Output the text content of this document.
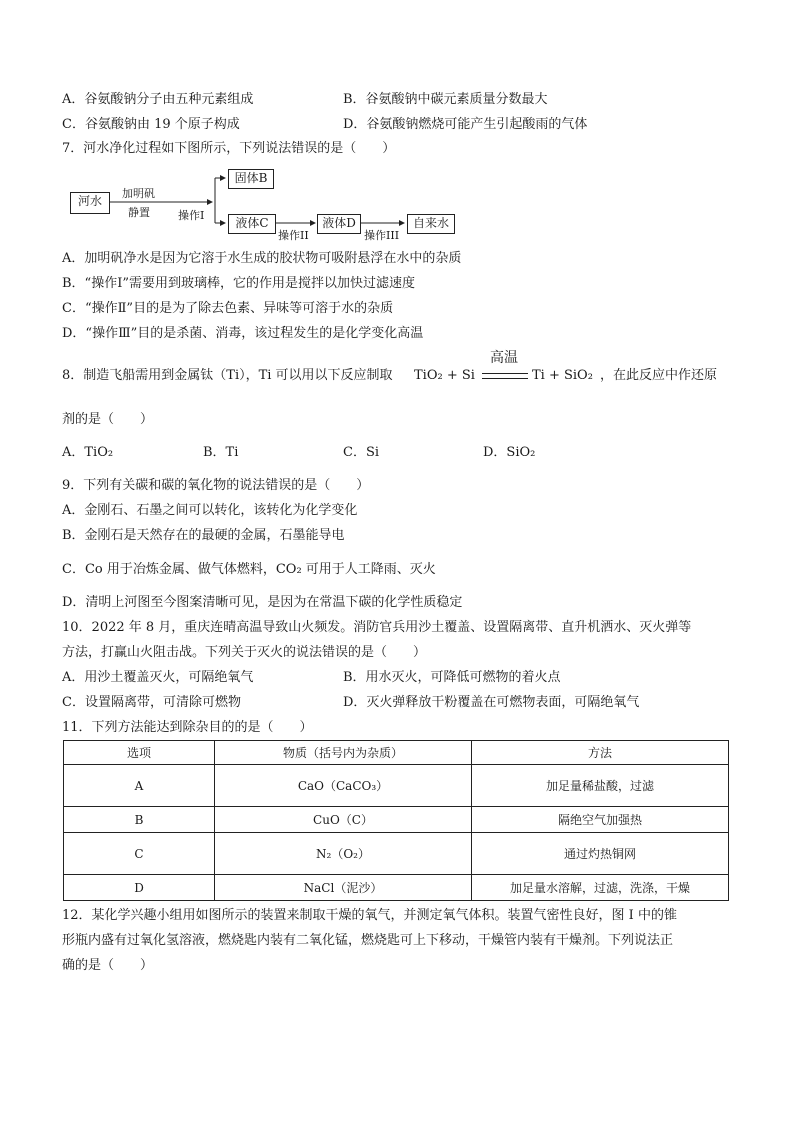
A．谷氨酸钠分子由五种元素组成	B．谷氨酸钠中碳元素质量分数最大
C．谷氨酸钠由 19 个原子构成	D．谷氨酸钠燃烧可能产生引起酸雨的气体
7．河水净化过程如下图所示，下列说法错误的是（　　）
河水
加明矾
静置	操作I
固体B
液体C
操作II
液体D
操作III
自来水
A．加明矾净水是因为它溶于水生成的胶状物可吸附悬浮在水中的杂质
B．“操作Ⅰ”需要用到玻璃棒，它的作用是搅拌以加快过滤速度
C．“操作Ⅱ”目的是为了除去色素、异味等可溶于水的杂质
D．“操作Ⅲ”目的是杀菌、消毒，该过程发生的是化学变化高温
8．制造飞船需用到金属钛（Ti），Ti 可以用以下反应制取 TiO₂ + Si
高温
Ti + SiO₂ ，在此反应中作还原
剂的是（　　）
A．TiO₂	B．Ti	C．Si	D．SiO₂
9．下列有关碳和碳的氧化物的说法错误的是（　　）
A．金刚石、石墨之间可以转化，该转化为化学变化
B．金刚石是天然存在的最硬的金属，石墨能导电
C．Co 用于冶炼金属、做气体燃料，CO₂ 可用于人工降雨、灭火
D．清明上河图至今图案清晰可见，是因为在常温下碳的化学性质稳定
10．2022 年 8 月，重庆连晴高温导致山火频发。消防官兵用沙土覆盖、设置隔离带、直升机洒水、灭火弹等
方法，打赢山火阻击战。下列关于灭火的说法错误的是（　　）
A．用沙土覆盖灭火，可隔绝氧气	B．用水灭火，可降低可燃物的着火点
C．设置隔离带，可清除可燃物	D．灭火弹释放干粉覆盖在可燃物表面，可隔绝氧气
11．下列方法能达到除杂目的的是（　　）
选项	物质（括号内为杂质）	方法
A	CaO（CaCO₃）	加足量稀盐酸，过滤
B	CuO（C）	隔绝空气加强热
C	N₂（O₂）	通过灼热铜网
D	NaCl（泥沙）	加足量水溶解，过滤，洗涤，干燥
12．某化学兴趣小组用如图所示的装置来制取干燥的氧气，并测定氧气体积。装置气密性良好，图 I 中的锥
形瓶内盛有过氧化氢溶液，燃烧匙内装有二氧化锰，燃烧匙可上下移动，干燥管内装有干燥剂。下列说法正
确的是（　　）
